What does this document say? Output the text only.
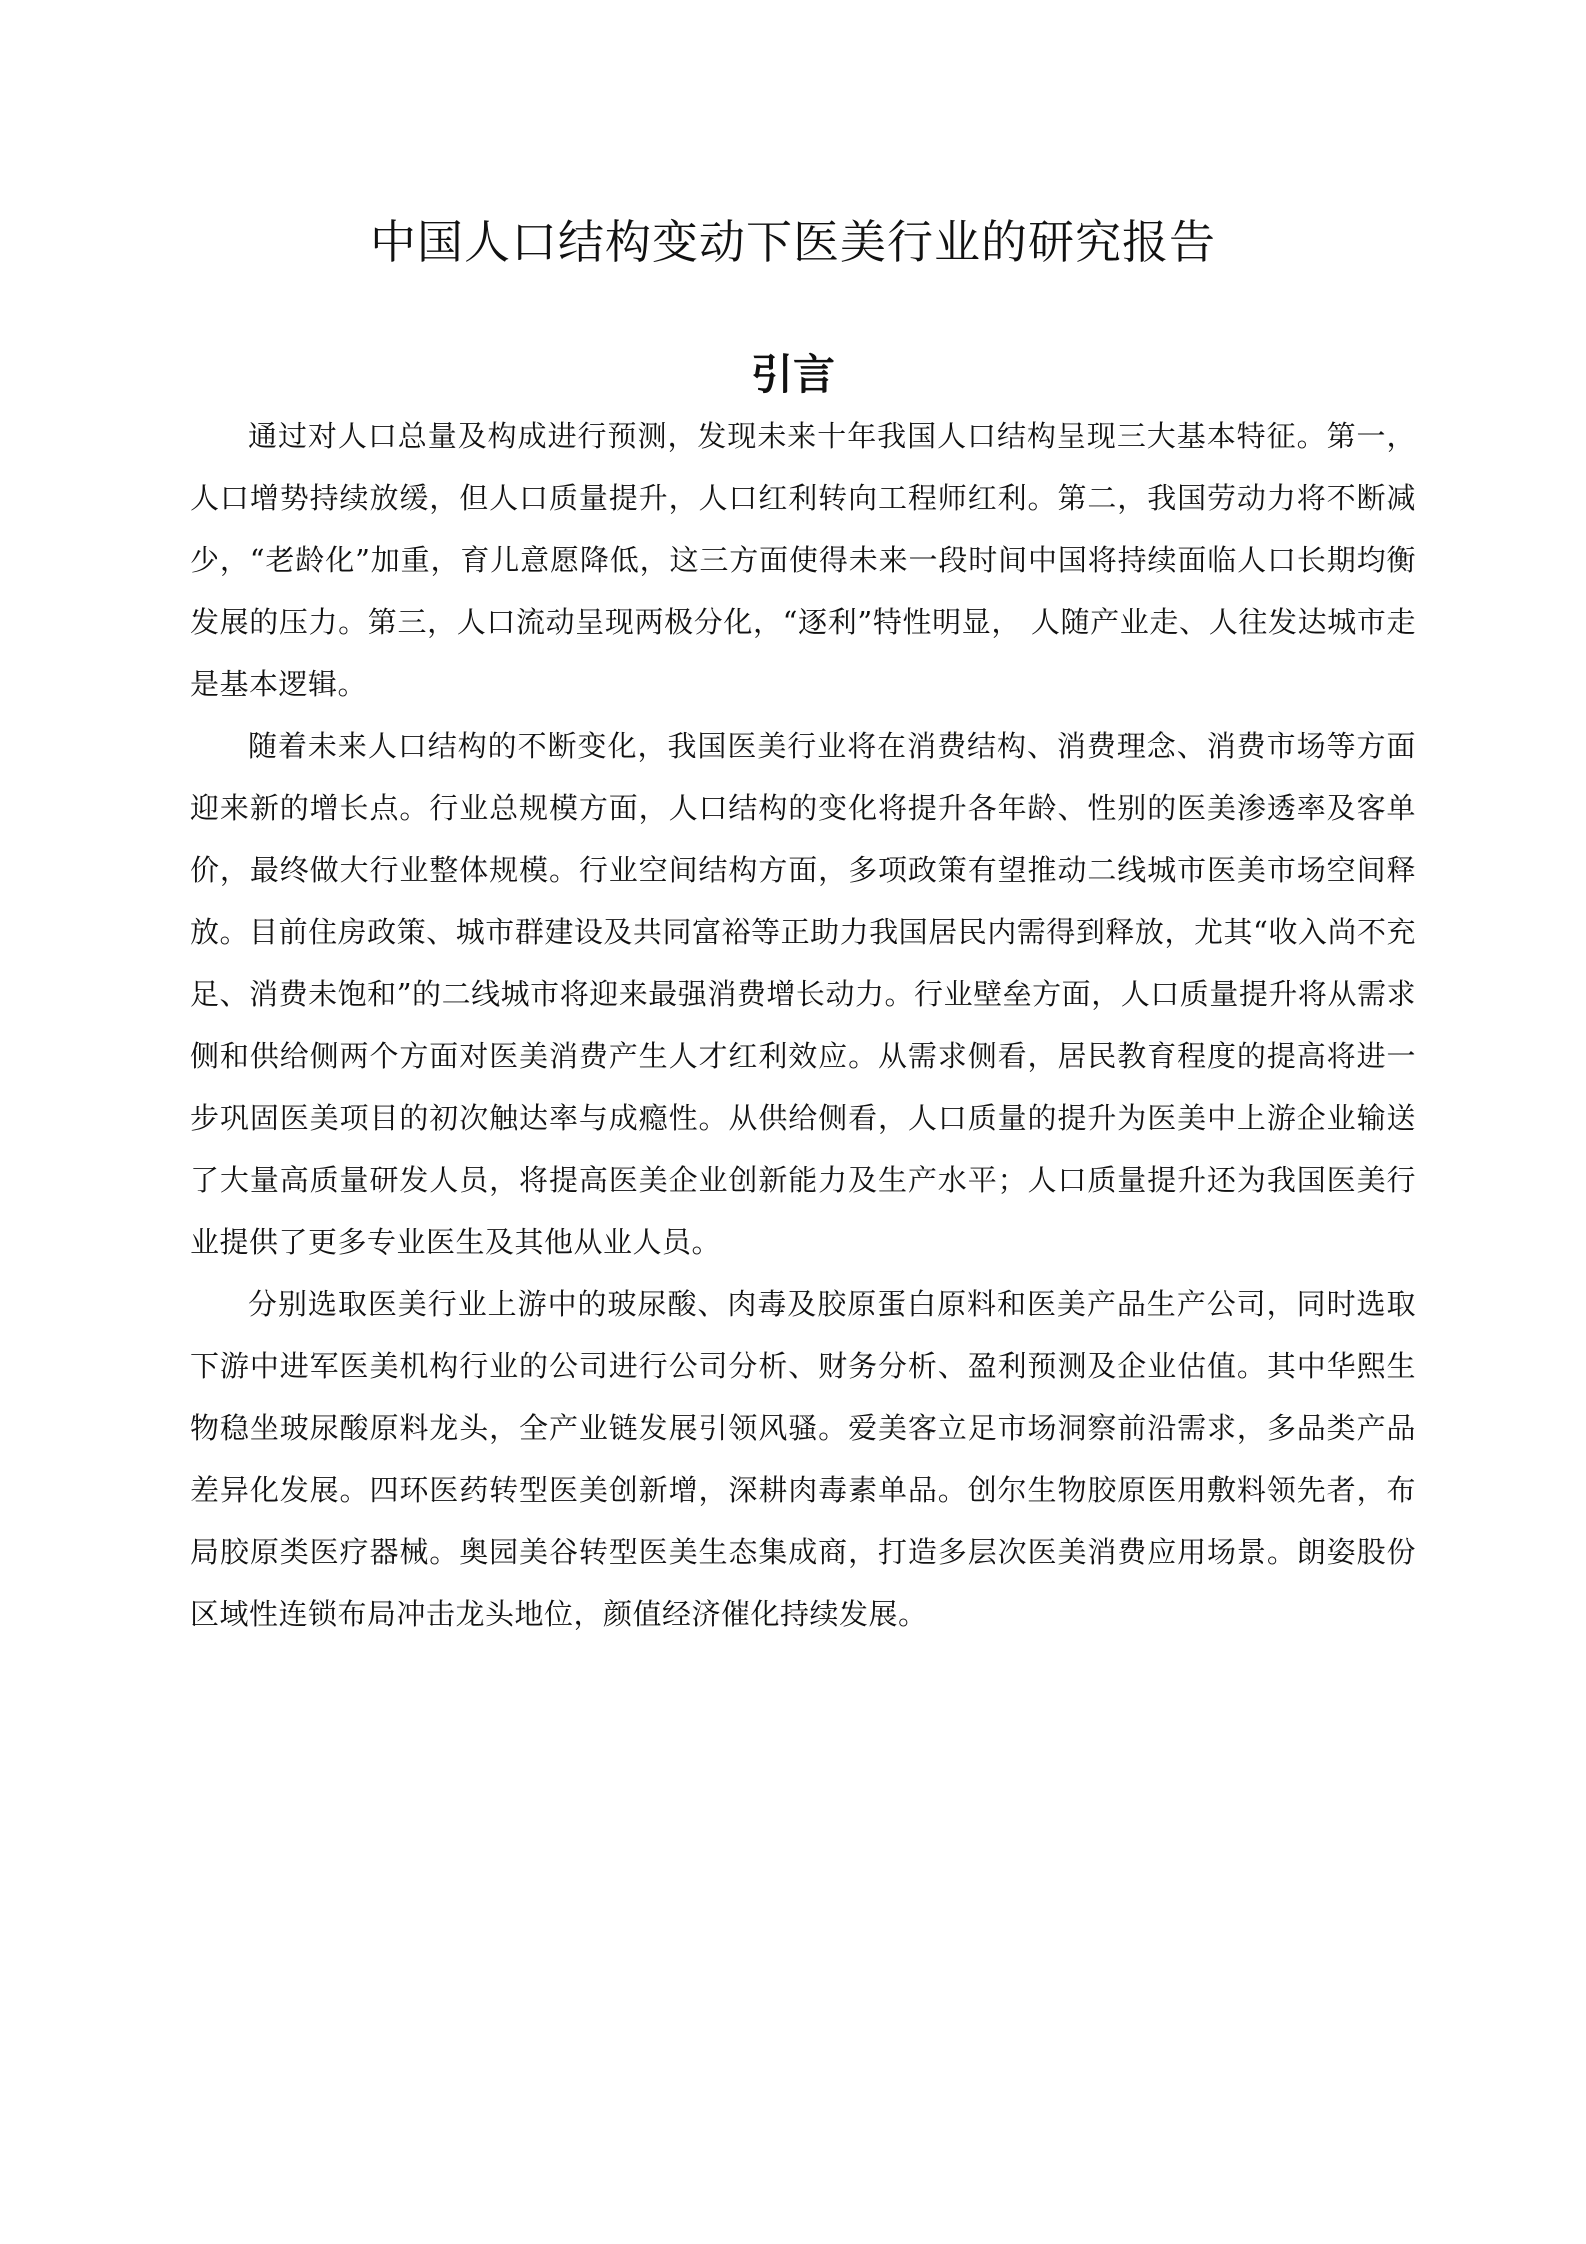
中国人口结构变动下医美行业的研究报告
引言

通过对人口总量及构成进行预测，发现未来十年我国人口结构呈现三大基本特征。第一，人口增势持续放缓，但人口质量提升，人口红利转向工程师红利。第二，我国劳动力将不断减少，“老龄化”加重，育儿意愿降低，这三方面使得未来一段时间中国将持续面临人口长期均衡发展的压力。第三，人口流动呈现两极分化，“逐利”特性明显， 人随产业走、人往发达城市走是基本逻辑。

随着未来人口结构的不断变化，我国医美行业将在消费结构、消费理念、消费市场等方面迎来新的增长点。行业总规模方面，人口结构的变化将提升各年龄、性别的医美渗透率及客单价，最终做大行业整体规模。行业空间结构方面，多项政策有望推动二线城市医美市场空间释放。目前住房政策、城市群建设及共同富裕等正助力我国居民内需得到释放，尤其“收入尚不充足、消费未饱和”的二线城市将迎来最强消费增长动力。行业壁垒方面，人口质量提升将从需求侧和供给侧两个方面对医美消费产生人才红利效应。从需求侧看，居民教育程度的提高将进一步巩固医美项目的初次触达率与成瘾性。从供给侧看，人口质量的提升为医美中上游企业输送了大量高质量研发人员，将提高医美企业创新能力及生产水平；人口质量提升还为我国医美行业提供了更多专业医生及其他从业人员。

分别选取医美行业上游中的玻尿酸、肉毒及胶原蛋白原料和医美产品生产公司，同时选取下游中进军医美机构行业的公司进行公司分析、财务分析、盈利预测及企业估值。其中华熙生物稳坐玻尿酸原料龙头，全产业链发展引领风骚。爱美客立足市场洞察前沿需求，多品类产品差异化发展。四环医药转型医美创新增，深耕肉毒素单品。创尔生物胶原医用敷料领先者，布局胶原类医疗器械。奥园美谷转型医美生态集成商，打造多层次医美消费应用场景。朗姿股份区域性连锁布局冲击龙头地位，颜值经济催化持续发展。
